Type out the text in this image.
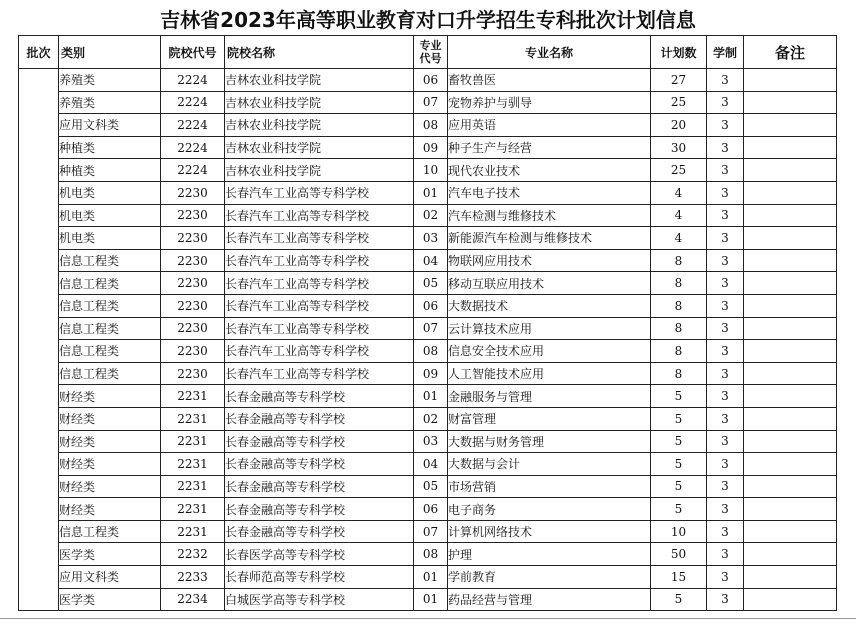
吉林省2023年高等职业教育对口升学招生专科批次计划信息
批次	类别	院校代号	院校名称	专业代号	专业名称	计划数	学制	备注
	养殖类	2224	吉林农业科技学院	06	畜牧兽医	27	3	
	养殖类	2224	吉林农业科技学院	07	宠物养护与驯导	25	3	
	应用文科类	2224	吉林农业科技学院	08	应用英语	20	3	
	种植类	2224	吉林农业科技学院	09	种子生产与经营	30	3	
	种植类	2224	吉林农业科技学院	10	现代农业技术	25	3	
	机电类	2230	长春汽车工业高等专科学校	01	汽车电子技术	4	3	
	机电类	2230	长春汽车工业高等专科学校	02	汽车检测与维修技术	4	3	
	机电类	2230	长春汽车工业高等专科学校	03	新能源汽车检测与维修技术	4	3	
	信息工程类	2230	长春汽车工业高等专科学校	04	物联网应用技术	8	3	
	信息工程类	2230	长春汽车工业高等专科学校	05	移动互联应用技术	8	3	
	信息工程类	2230	长春汽车工业高等专科学校	06	大数据技术	8	3	
	信息工程类	2230	长春汽车工业高等专科学校	07	云计算技术应用	8	3	
	信息工程类	2230	长春汽车工业高等专科学校	08	信息安全技术应用	8	3	
	信息工程类	2230	长春汽车工业高等专科学校	09	人工智能技术应用	8	3	
	财经类	2231	长春金融高等专科学校	01	金融服务与管理	5	3	
	财经类	2231	长春金融高等专科学校	02	财富管理	5	3	
	财经类	2231	长春金融高等专科学校	03	大数据与财务管理	5	3	
	财经类	2231	长春金融高等专科学校	04	大数据与会计	5	3	
	财经类	2231	长春金融高等专科学校	05	市场营销	5	3	
	财经类	2231	长春金融高等专科学校	06	电子商务	5	3	
	信息工程类	2231	长春金融高等专科学校	07	计算机网络技术	10	3	
	医学类	2232	长春医学高等专科学校	08	护理	50	3	
	应用文科类	2233	长春师范高等专科学校	01	学前教育	15	3	
	医学类	2234	白城医学高等专科学校	01	药品经营与管理	5	3	
